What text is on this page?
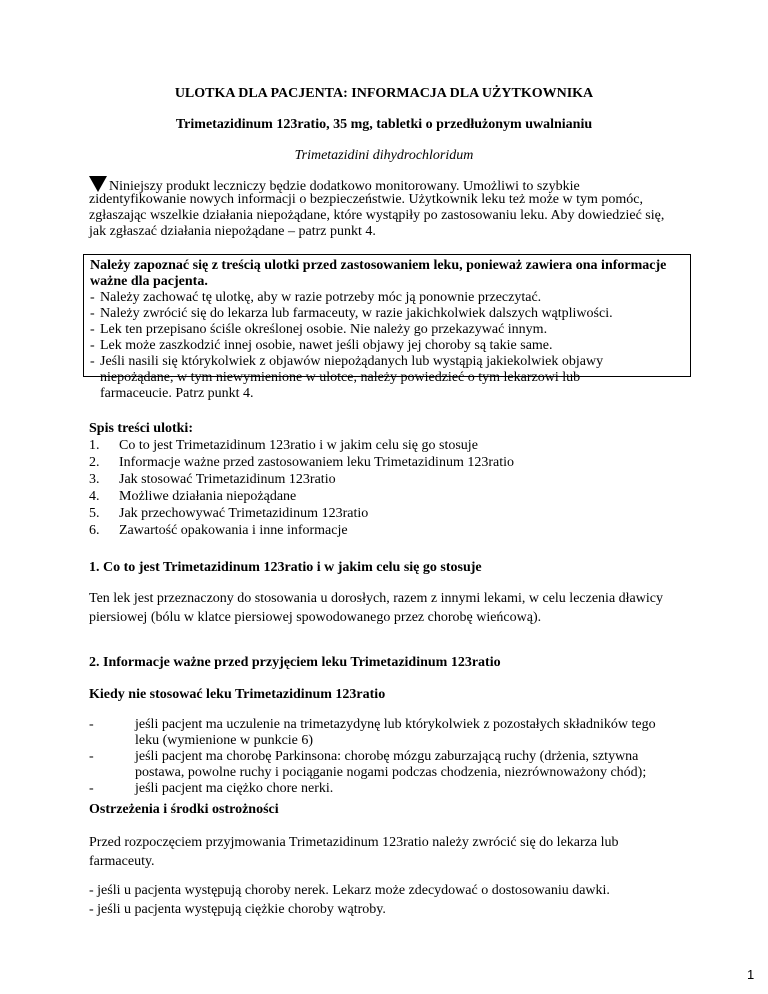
ULOTKA DLA PACJENTA: INFORMACJA DLA UŻYTKOWNIKA
Trimetazidinum 123ratio, 35 mg, tabletki o przedłużonym uwalnianiu
Trimetazidini dihydrochloridum
Niniejszy produkt leczniczy będzie dodatkowo monitorowany. Umożliwi to szybkie
zidentyfikowanie nowych informacji o bezpieczeństwie. Użytkownik leku też może w tym pomóc,
zgłaszając wszelkie działania niepożądane, które wystąpiły po zastosowaniu leku. Aby dowiedzieć się,
jak zgłaszać działania niepożądane – patrz punkt 4.
Należy zapoznać się z treścią ulotki przed zastosowaniem leku, ponieważ zawiera ona informacje
ważne dla pacjenta.
- Należy zachować tę ulotkę, aby w razie potrzeby móc ją ponownie przeczytać.
- Należy zwrócić się do lekarza lub farmaceuty, w razie jakichkolwiek dalszych wątpliwości.
- Lek ten przepisano ściśle określonej osobie. Nie należy go przekazywać innym.
- Lek może zaszkodzić innej osobie, nawet jeśli objawy jej choroby są takie same.
- Jeśli nasili się którykolwiek z objawów niepożądanych lub wystąpią jakiekolwiek objawy
niepożądane, w tym niewymienione w ulotce, należy powiedzieć o tym lekarzowi lub
farmaceucie. Patrz punkt 4.
Spis treści ulotki:
1. Co to jest Trimetazidinum 123ratio i w jakim celu się go stosuje
2. Informacje ważne przed zastosowaniem leku Trimetazidinum 123ratio
3. Jak stosować Trimetazidinum 123ratio
4. Możliwe działania niepożądane
5. Jak przechowywać Trimetazidinum 123ratio
6. Zawartość opakowania i inne informacje
1. Co to jest Trimetazidinum 123ratio i w jakim celu się go stosuje
Ten lek jest przeznaczony do stosowania u dorosłych, razem z innymi lekami, w celu leczenia dławicy
piersiowej (bólu w klatce piersiowej spowodowanego przez chorobę wieńcową).
2. Informacje ważne przed przyjęciem leku Trimetazidinum 123ratio
Kiedy nie stosować leku Trimetazidinum 123ratio
-	jeśli pacjent ma uczulenie na trimetazydynę lub którykolwiek z pozostałych składników tego
leku (wymienione w punkcie 6)
-	jeśli pacjent ma chorobę Parkinsona: chorobę mózgu zaburzającą ruchy (drżenia, sztywna
postawa, powolne ruchy i pociąganie nogami podczas chodzenia, niezrównoważony chód);
-	jeśli pacjent ma ciężko chore nerki.
Ostrzeżenia i środki ostrożności
Przed rozpoczęciem przyjmowania Trimetazidinum 123ratio należy zwrócić się do lekarza lub
farmaceuty.
- jeśli u pacjenta występują choroby nerek. Lekarz może zdecydować o dostosowaniu dawki.
- jeśli u pacjenta występują ciężkie choroby wątroby.
1
